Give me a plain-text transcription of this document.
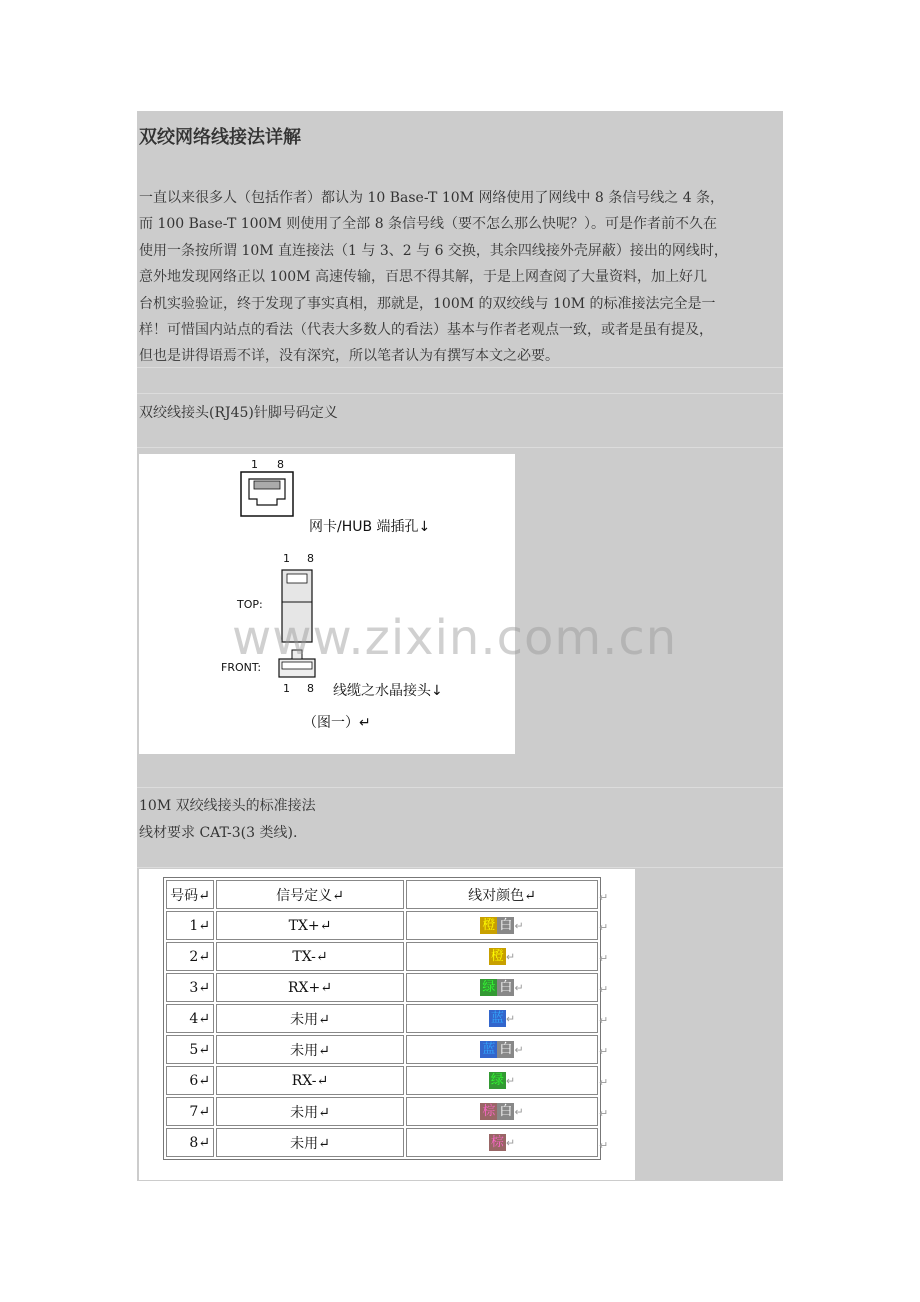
双绞网络线接法详解

一直以来很多人（包括作者）都认为 10 Base-T 10M 网络使用了网线中 8 条信号线之 4 条，

而 100 Base-T 100M 则使用了全部 8 条信号线（要不怎么那么快呢？）。可是作者前不久在

使用一条按所谓 10M 直连接法（1 与 3、2 与 6 交换，其余四线接外壳屏蔽）接出的网线时，

意外地发现网络正以 100M 高速传输，百思不得其解，于是上网查阅了大量资料，加上好几

台机实验验证，终于发现了事实真相，那就是，100M 的双绞线与 10M 的标准接法完全是一

样！可惜国内站点的看法（代表大多数人的看法）基本与作者老观点一致，或者是虽有提及，

但也是讲得语焉不详，没有深究，所以笔者认为有撰写本文之必要。

双绞线接头(RJ45)针脚号码定义
1 8
网卡/HUB 端插孔↓
1 8
TOP:
FRONT:
1 8 线缆之水晶接头↓
（图一）↵
10M 双绞线接头的标准接法
线材要求 CAT-3(3 类线).
号码↵	信号定义↵	线对颜色↵
1↵	TX+↵	橙 白 ↵
2↵	TX-↵	橙 ↵
3↵	RX+↵	绿 白 ↵
4↵	未用↵	蓝 ↵
5↵	未用↵	蓝 白 ↵
6↵	RX-↵	绿 ↵
7↵	未用↵	棕 白 ↵
8↵	未用↵	棕 ↵
↵
↵
↵
↵
↵
↵
↵
↵
↵
www.zixin.com.cn
